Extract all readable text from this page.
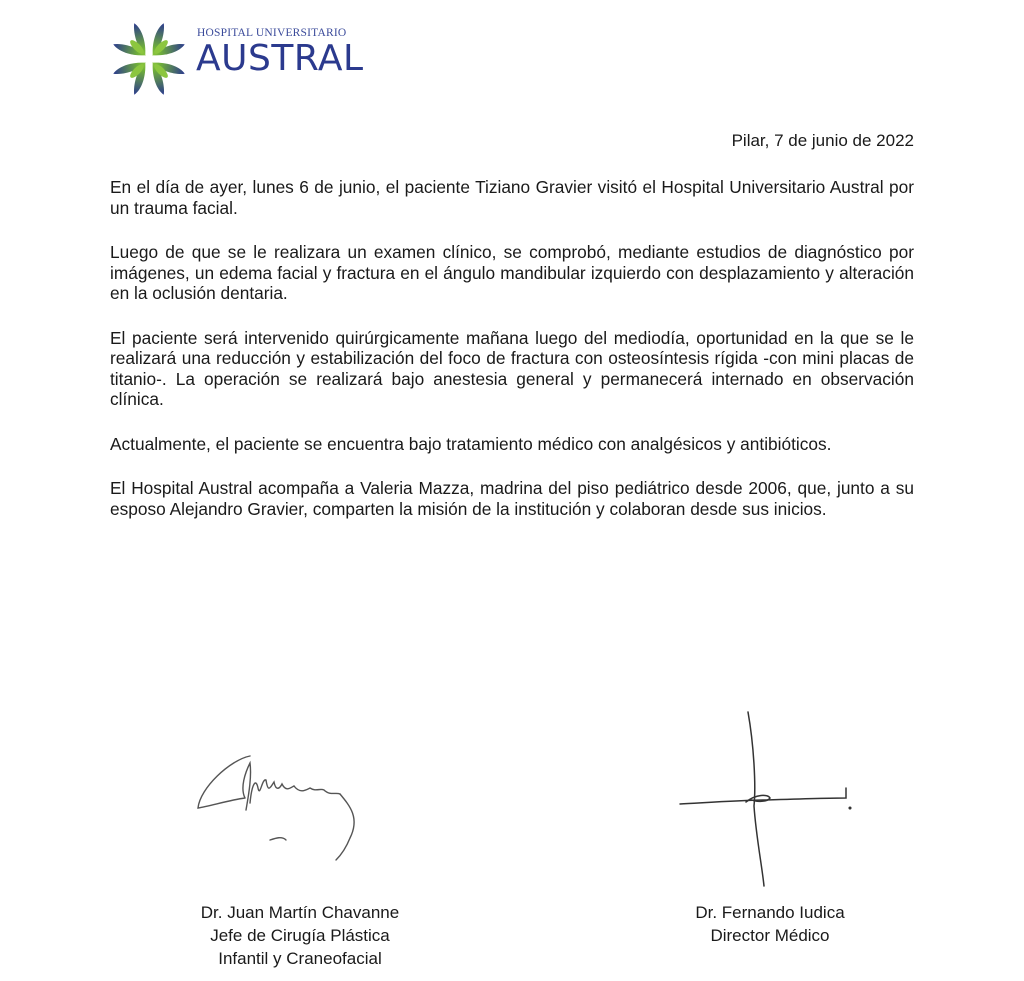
HOSPITAL UNIVERSITARIO
AUSTRAL
Pilar, 7 de junio de 2022

En el día de ayer, lunes 6 de junio, el paciente Tiziano Gravier visitó el Hospital Universitario Austral por un trauma facial.

Luego de que se le realizara un examen clínico, se comprobó, mediante estudios de diagnóstico por imágenes, un edema facial y fractura en el ángulo mandibular izquierdo con desplazamiento y alteración en la oclusión dentaria.

El paciente será intervenido quirúrgicamente mañana luego del mediodía, oportunidad en la que se le realizará una reducción y estabilización del foco de fractura con osteosíntesis rígida -con mini placas de titanio-. La operación se realizará bajo anestesia general y permanecerá internado en observación clínica.

Actualmente, el paciente se encuentra bajo tratamiento médico con analgésicos y antibióticos.

El Hospital Austral acompaña a Valeria Mazza, madrina del piso pediátrico desde 2006, que, junto a su esposo Alejandro Gravier, comparten la misión de la institución y colaboran desde sus inicios.

Dr. Juan Martín Chavanne
Jefe de Cirugía Plástica
Infantil y Craneofacial
Dr. Fernando Iudica
Director Médico
